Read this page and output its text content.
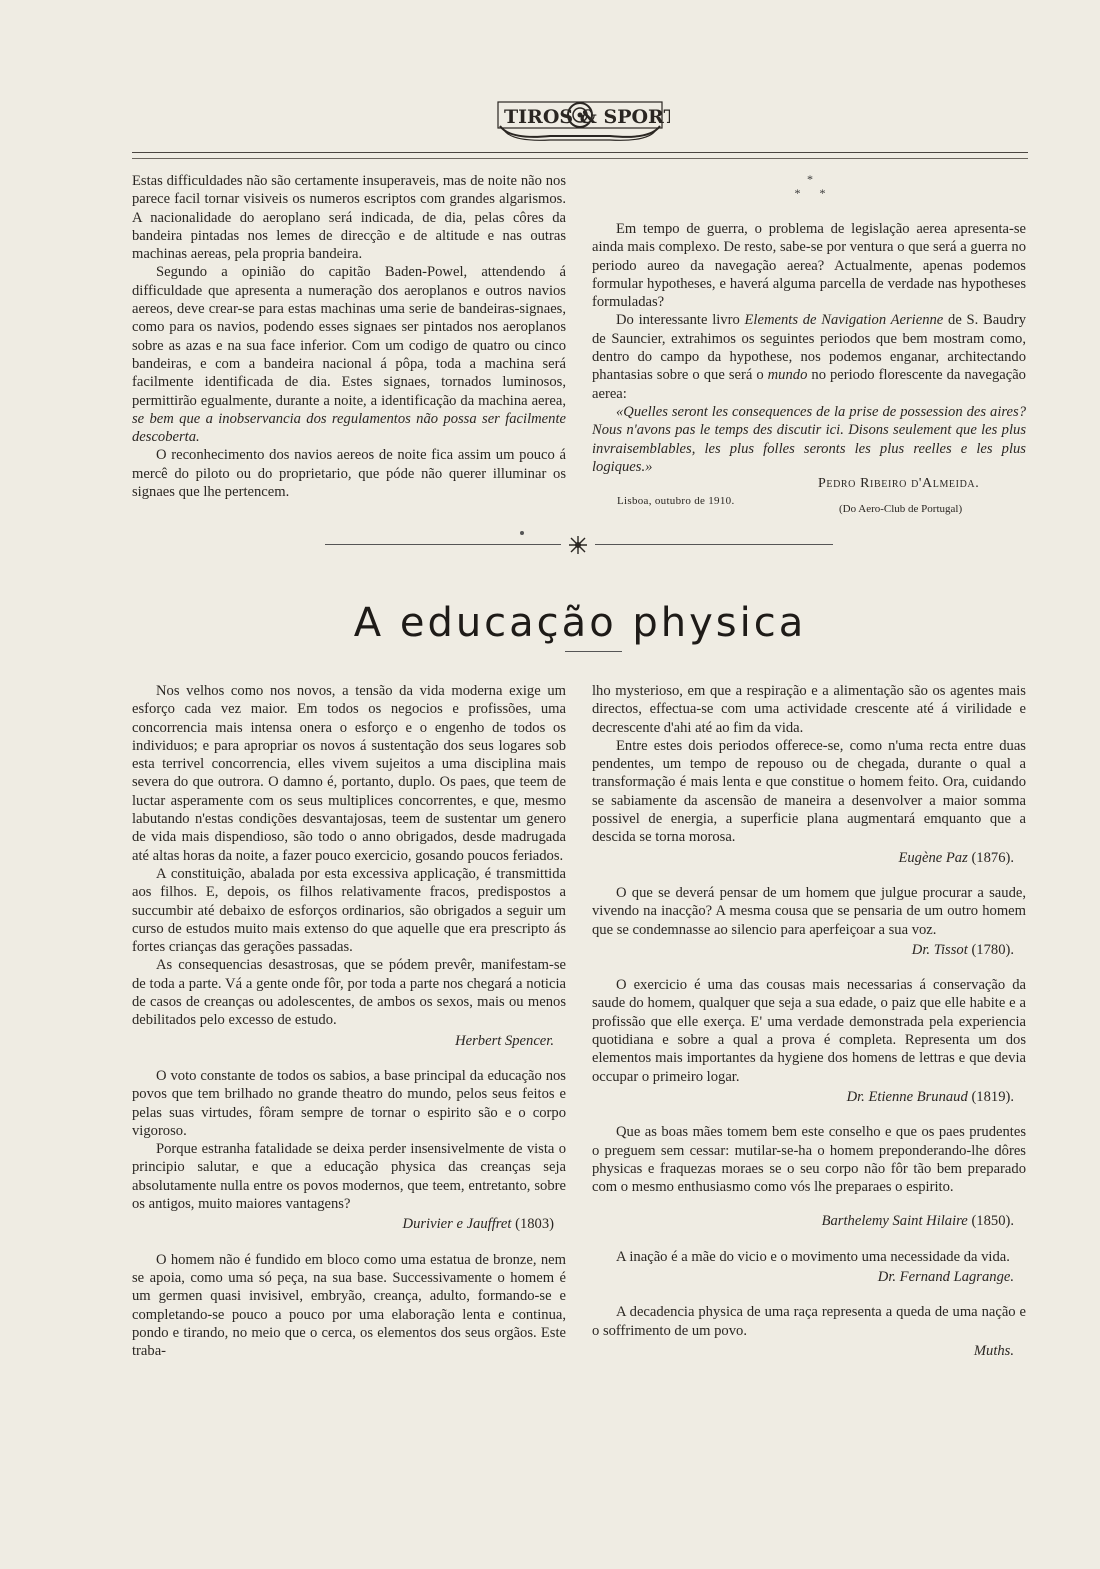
TIROS & SPORT

Estas difficuldades não são certamente insuperaveis, mas de noite não nos parece facil tornar visiveis os numeros escriptos com grandes algarismos. A nacionalidade do aeroplano será indicada, de dia, pelas côres da bandeira pintadas nos lemes de direcção e de altitude e nas outras machinas aereas, pela propria bandeira.

Segundo a opinião do capitão Baden-Powel, attendendo á difficuldade que apresenta a numeração dos aeroplanos e outros navios aereos, deve crear-se para estas machinas uma serie de bandeiras-signaes, como para os navios, podendo esses signaes ser pintados nos aeroplanos sobre as azas e na sua face inferior. Com um codigo de quatro ou cinco bandeiras, e com a bandeira nacional á pôpa, toda a machina será facilmente identificada de dia. Estes signaes, tornados luminosos, permittirão egualmente, durante a noite, a identificação da machina aerea, se bem que a inobservancia dos regulamentos não possa ser facilmente descoberta.

O reconhecimento dos navios aereos de noite fica assim um pouco á mercê do piloto ou do proprietario, que póde não querer illuminar os signaes que lhe pertencem.

*
* *

Em tempo de guerra, o problema de legislação aerea apresenta-se ainda mais complexo. De resto, sabe-se por ventura o que será a guerra no periodo aureo da navegação aerea? Actualmente, apenas podemos formular hypotheses, e haverá alguma parcella de verdade nas hypotheses formuladas?

Do interessante livro Elements de Navigation Aerienne de S. Baudry de Sauncier, extrahimos os seguintes periodos que bem mostram como, dentro do campo da hypothese, nos podemos enganar, architectando phantasias sobre o que será o mundo no periodo florescente da navegação aerea:

«Quelles seront les consequences de la prise de possession des aires? Nous n'avons pas le temps des discutir ici. Disons seulement que les plus invraisemblables, les plus folles seronts les plus reelles e les plus logiques.»

Lisboa, outubro de 1910.
Pedro Ribeiro d'Almeida.
(Do Aero-Club de Portugal)
A educação physica

Nos velhos como nos novos, a tensão da vida moderna exige um esforço cada vez maior. Em todos os negocios e profissões, uma concorrencia mais intensa onera o esforço e o engenho de todos os individuos; e para apropriar os novos á sustentação dos seus logares sob esta terrivel concorrencia, elles vivem sujeitos a uma disciplina mais severa do que outrora. O damno é, portanto, duplo. Os paes, que teem de luctar asperamente com os seus multiplices concorrentes, e que, mesmo labutando n'estas condições desvantajosas, teem de sustentar um genero de vida mais dispendioso, são todo o anno obrigados, desde madrugada até altas horas da noite, a fazer pouco exercicio, gosando poucos feriados.

A constituição, abalada por esta excessiva applicação, é transmittida aos filhos. E, depois, os filhos relativamente fracos, predispostos a succumbir até debaixo de esforços ordinarios, são obrigados a seguir um curso de estudos muito mais extenso do que aquelle que era prescripto ás fortes crianças das gerações passadas.

As consequencias desastrosas, que se pódem prevêr, manifestam-se de toda a parte. Vá a gente onde fôr, por toda a parte nos chegará a noticia de casos de creanças ou adolescentes, de ambos os sexos, mais ou menos debilitados pelo excesso de estudo.

Herbert Spencer.

O voto constante de todos os sabios, a base principal da educação nos povos que tem brilhado no grande theatro do mundo, pelos seus feitos e pelas suas virtudes, fôram sempre de tornar o espirito são e o corpo vigoroso.

Porque estranha fatalidade se deixa perder insensivelmente de vista o principio salutar, e que a educação physica das creanças seja absolutamente nulla entre os povos modernos, que teem, entretanto, sobre os antigos, muito maiores vantagens?

Durivier e Jauffret (1803)

O homem não é fundido em bloco como uma estatua de bronze, nem se apoia, como uma só peça, na sua base. Successivamente o homem é um germen quasi invisivel, embryão, creança, adulto, formando-se e completando-se pouco a pouco por uma elaboração lenta e continua, pondo e tirando, no meio que o cerca, os elementos dos seus orgãos. Este traba-

lho mysterioso, em que a respiração e a alimentação são os agentes mais directos, effectua-se com uma actividade crescente até á virilidade e decrescente d'ahi até ao fim da vida.

Entre estes dois periodos offerece-se, como n'uma recta entre duas pendentes, um tempo de repouso ou de chegada, durante o qual a transformação é mais lenta e que constitue o homem feito. Ora, cuidando se sabiamente da ascensão de maneira a desenvolver a maior somma possivel de energia, a superficie plana augmentará emquanto que a descida se torna morosa.

Eugène Paz (1876).

O que se deverá pensar de um homem que julgue procurar a saude, vivendo na inacção? A mesma cousa que se pensaria de um outro homem que se condemnasse ao silencio para aperfeiçoar a sua voz.

Dr. Tissot (1780).

O exercicio é uma das cousas mais necessarias á conservação da saude do homem, qualquer que seja a sua edade, o paiz que elle habite e a profissão que elle exerça. E' uma verdade demonstrada pela experiencia quotidiana e sobre a qual a prova é completa. Representa um dos elementos mais importantes da hygiene dos homens de lettras e que devia occupar o primeiro logar.

Dr. Etienne Brunaud (1819).

Que as boas mães tomem bem este conselho e que os paes prudentes o preguem sem cessar: mutilar-se-ha o homem preponderando-lhe dôres physicas e fraquezas moraes se o seu corpo não fôr tão bem preparado com o mesmo enthusiasmo como vós lhe preparaes o espirito.

Barthelemy Saint Hilaire (1850).

A inação é a mãe do vicio e o movimento uma necessidade da vida.

Dr. Fernand Lagrange.

A decadencia physica de uma raça representa a queda de uma nação e o soffrimento de um povo.

Muths.
